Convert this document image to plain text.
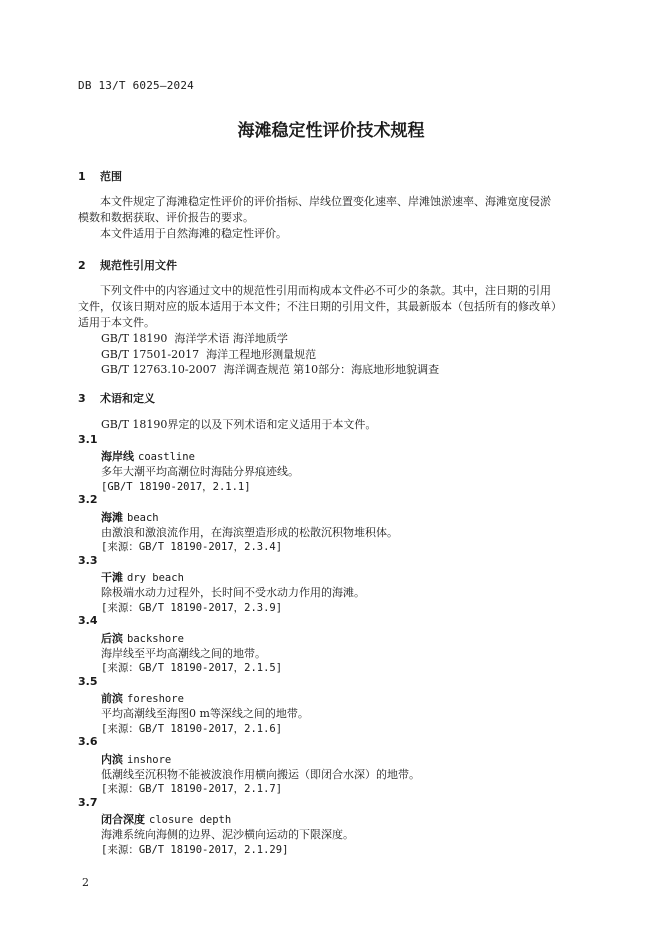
DB 13/T 6025—2024
海滩稳定性评价技术规程
1 范围
本文件规定了海滩稳定性评价的评价指标、岸线位置变化速率、岸滩蚀淤速率、海滩宽度侵淤
模数和数据获取、评价报告的要求。
本文件适用于自然海滩的稳定性评价。
2 规范性引用文件
下列文件中的内容通过文中的规范性引用而构成本文件必不可少的条款。其中，注日期的引用
文件，仅该日期对应的版本适用于本文件；不注日期的引用文件，其最新版本（包括所有的修改单）
适用于本文件。
GB/T 18190  海洋学术语 海洋地质学
GB/T 17501-2017  海洋工程地形测量规范
GB/T 12763.10-2007  海洋调查规范 第10部分：海底地形地貌调查
3 术语和定义
GB/T 18190界定的以及下列术语和定义适用于本文件。
3.1
海岸线 coastline
多年大潮平均高潮位时海陆分界痕迹线。
[GB/T 18190-2017，2.1.1]
3.2
海滩 beach
由激浪和激浪流作用，在海滨塑造形成的松散沉积物堆积体。
[来源：GB/T 18190-2017，2.3.4]
3.3
干滩 dry beach
除极端水动力过程外，长时间不受水动力作用的海滩。
[来源：GB/T 18190-2017，2.3.9]
3.4
后滨 backshore
海岸线至平均高潮线之间的地带。
[来源：GB/T 18190-2017，2.1.5]
3.5
前滨 foreshore
平均高潮线至海图0 m等深线之间的地带。
[来源：GB/T 18190-2017，2.1.6]
3.6
内滨 inshore
低潮线至沉积物不能被波浪作用横向搬运（即闭合水深）的地带。
[来源：GB/T 18190-2017，2.1.7]
3.7
闭合深度 closure depth
海滩系统向海侧的边界、泥沙横向运动的下限深度。
[来源：GB/T 18190-2017，2.1.29]
2
